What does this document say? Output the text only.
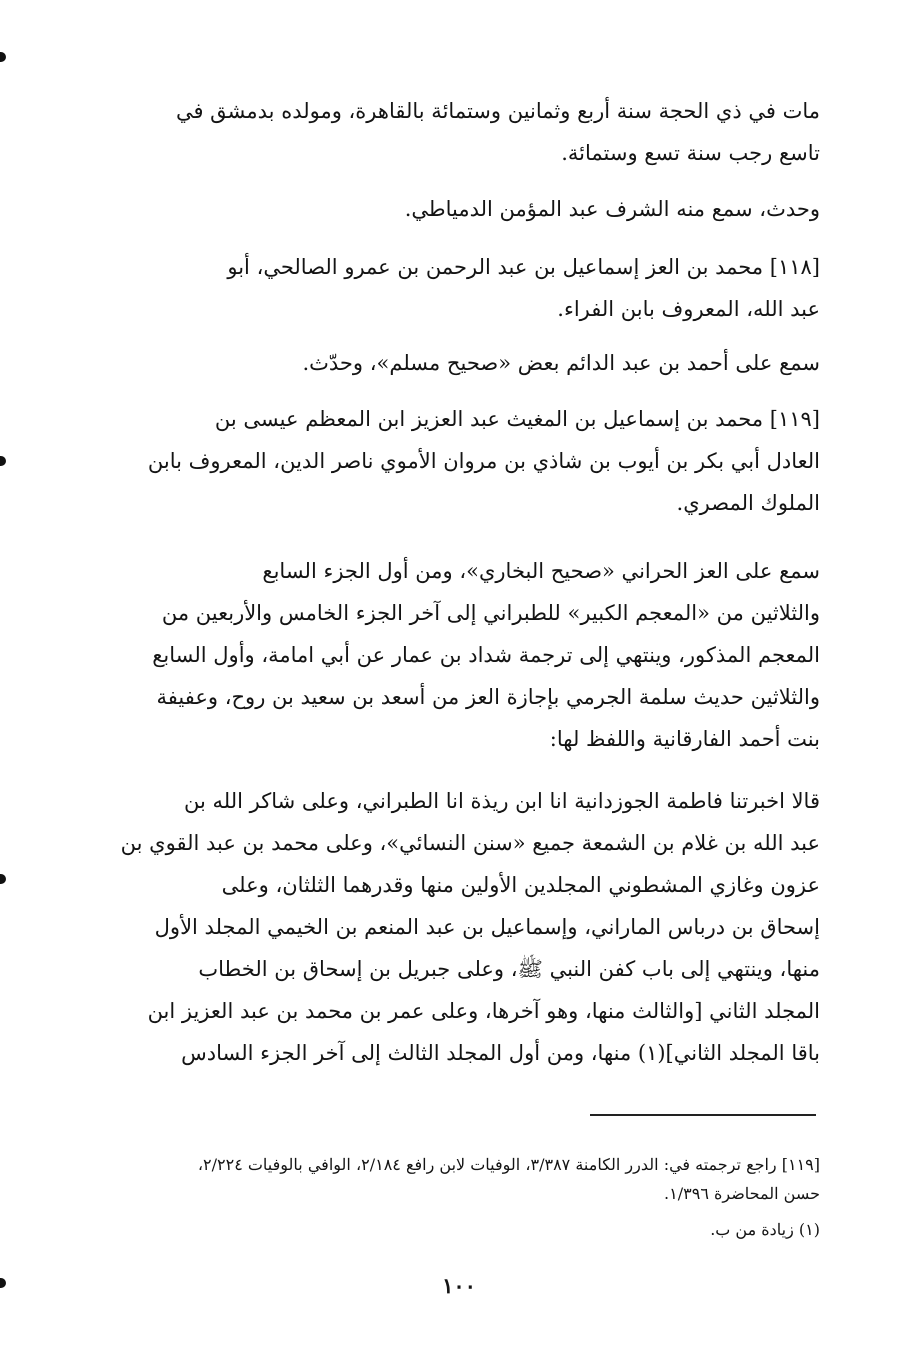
مات في ذي الحجة سنة أربع وثمانين وستمائة بالقاهرة، ومولده بدمشق في
تاسع رجب سنة تسع وستمائة.
وحدث، سمع منه الشرف عبد المؤمن الدمياطي.
[١١٨] محمد بن العز إسماعيل بن عبد الرحمن بن عمرو الصالحي، أبو
عبد الله، المعروف بابن الفراء.
سمع على أحمد بن عبد الدائم بعض «صحيح مسلم»، وحدّث.
[١١٩] محمد بن إسماعيل بن المغيث عبد العزيز ابن المعظم عيسى بن
العادل أبي بكر بن أيوب بن شاذي بن مروان الأموي ناصر الدين، المعروف بابن
الملوك المصري.
سمع على العز الحراني «صحيح البخاري»، ومن أول الجزء السابع
والثلاثين من «المعجم الكبير» للطبراني إلى آخر الجزء الخامس والأربعين من
المعجم المذكور، وينتهي إلى ترجمة شداد بن عمار عن أبي امامة، وأول السابع
والثلاثين حديث سلمة الجرمي بإجازة العز من أسعد بن سعيد بن روح، وعفيفة
بنت أحمد الفارقانية واللفظ لها:
قالا اخبرتنا فاطمة الجوزدانية انا ابن ريذة انا الطبراني، وعلى شاكر الله بن
عبد الله بن غلام بن الشمعة جميع «سنن النسائي»، وعلى محمد بن عبد القوي بن
عزون وغازي المشطوني المجلدين الأولين منها وقدرهما الثلثان، وعلى
إسحاق بن درباس الماراني، وإسماعيل بن عبد المنعم بن الخيمي المجلد الأول
منها، وينتهي إلى باب كفن النبي ﷺ، وعلى جبريل بن إسحاق بن الخطاب
المجلد الثاني [والثالث منها، وهو آخرها، وعلى عمر بن محمد بن عبد العزيز ابن
باقا المجلد الثاني](١) منها، ومن أول المجلد الثالث إلى آخر الجزء السادس
[١١٩] راجع ترجمته في: الدرر الكامنة ٣/٣٨٧، الوفيات لابن رافع ٢/١٨٤، الوافي بالوفيات ٢/٢٢٤،
حسن المحاضرة ١/٣٩٦.
(١) زيادة من ب.
١٠٠
